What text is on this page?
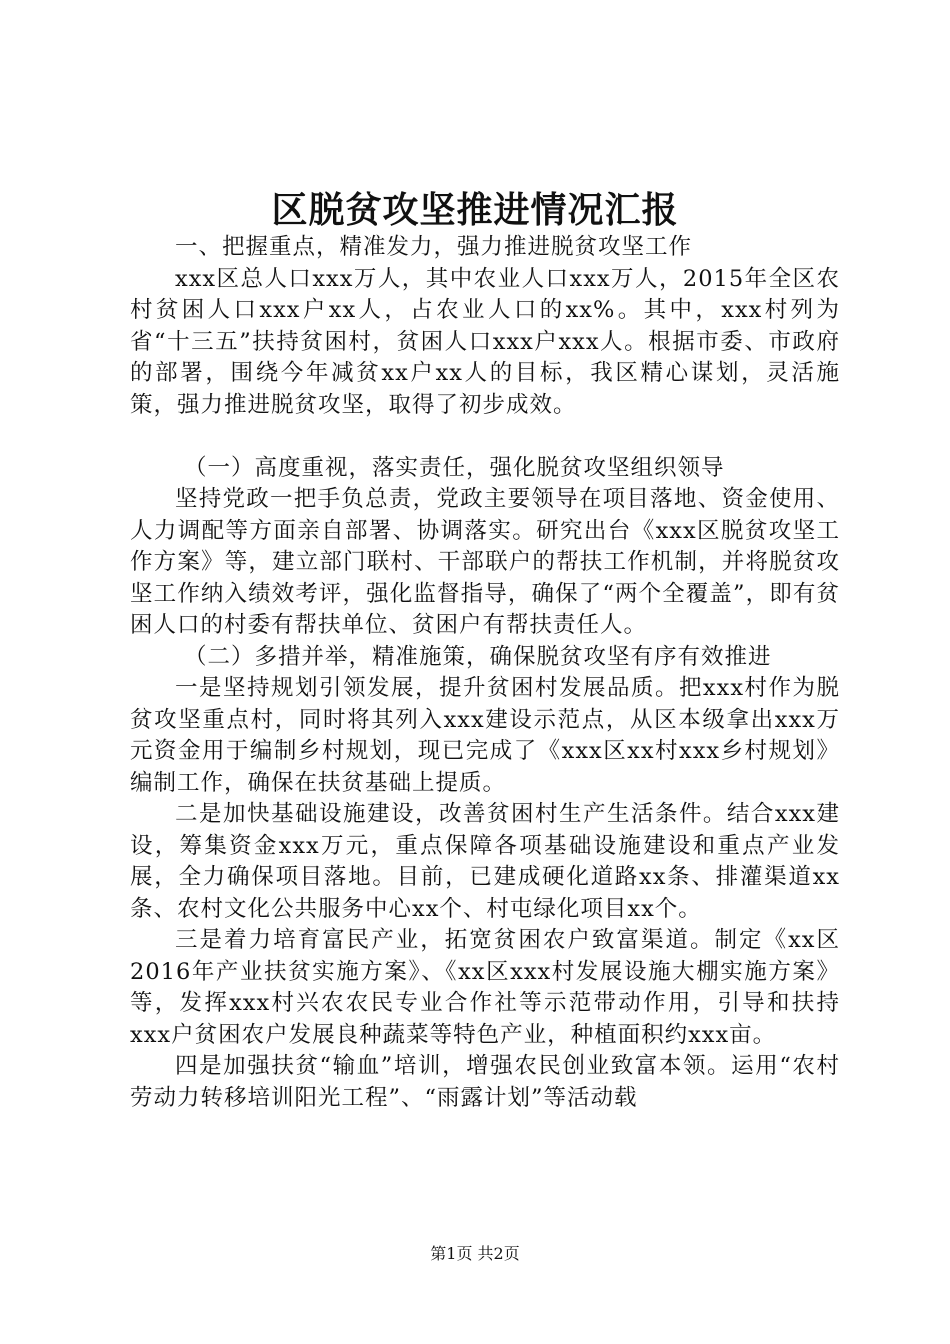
区脱贫攻坚推进情况汇报

一、把握重点，精准发力，强力推进脱贫攻坚工作

xxx区总人口xxx万人，其中农业人口xxx万人，2015年全区农村贫困人口xxx户xx人，占农业人口的xx%。其中，xxx村列为省“十三五”扶持贫困村，贫困人口xxx户xxx人。根据市委、市政府的部署，围绕今年减贫xx户xx人的目标，我区精心谋划，灵活施策，强力推进脱贫攻坚，取得了初步成效。

（一）高度重视，落实责任，强化脱贫攻坚组织领导

坚持党政一把手负总责，党政主要领导在项目落地、资金使用、人力调配等方面亲自部署、协调落实。研究出台《xxx区脱贫攻坚工作方案》等，建立部门联村、干部联户的帮扶工作机制，并将脱贫攻坚工作纳入绩效考评，强化监督指导，确保了“两个全覆盖”，即有贫困人口的村委有帮扶单位、贫困户有帮扶责任人。

（二）多措并举，精准施策，确保脱贫攻坚有序有效推进

一是坚持规划引领发展，提升贫困村发展品质。把xxx村作为脱贫攻坚重点村，同时将其列入xxx建设示范点，从区本级拿出xxx万元资金用于编制乡村规划，现已完成了《xxx区xx村xxx乡村规划》编制工作，确保在扶贫基础上提质。

二是加快基础设施建设，改善贫困村生产生活条件。结合xxx建设，筹集资金xxx万元，重点保障各项基础设施建设和重点产业发展，全力确保项目落地。目前，已建成硬化道路xx条、排灌渠道xx条、农村文化公共服务中心xx个、村屯绿化项目xx个。

三是着力培育富民产业，拓宽贫困农户致富渠道。制定《xx区2016年产业扶贫实施方案》、《xx区xxx村发展设施大棚实施方案》等，发挥xxx村兴农农民专业合作社等示范带动作用，引导和扶持xxx户贫困农户发展良种蔬菜等特色产业，种植面积约xxx亩。

四是加强扶贫“输血”培训，增强农民创业致富本领。运用“农村劳动力转移培训阳光工程”、“雨露计划”等活动载

第1页 共2页
